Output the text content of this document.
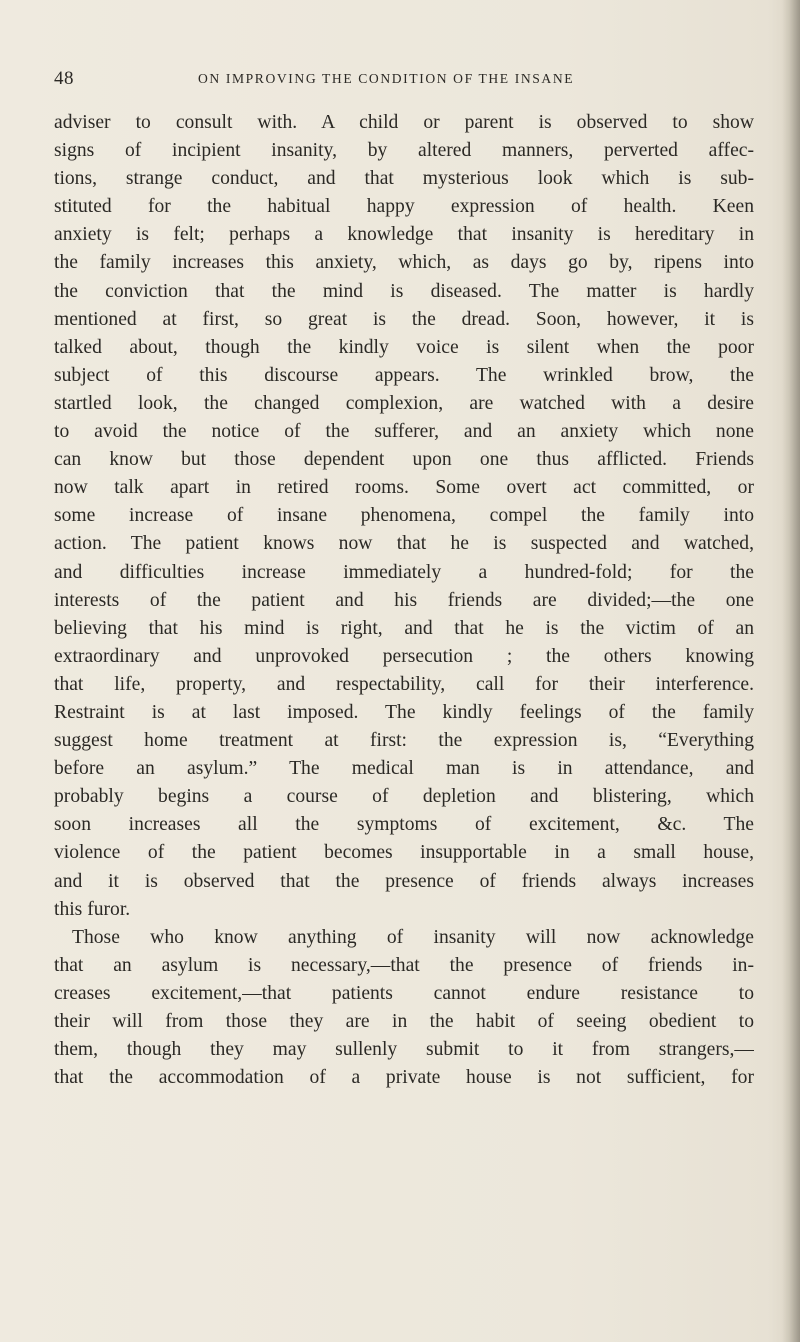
48	ON IMPROVING THE CONDITION OF THE INSANE
adviser to consult with. A child or parent is observed to show
signs of incipient insanity, by altered manners, perverted affec-
tions, strange conduct, and that mysterious look which is sub-
stituted for the habitual happy expression of health. Keen
anxiety is felt; perhaps a knowledge that insanity is hereditary in
the family increases this anxiety, which, as days go by, ripens into
the conviction that the mind is diseased. The matter is hardly
mentioned at first, so great is the dread. Soon, however, it is
talked about, though the kindly voice is silent when the poor
subject of this discourse appears. The wrinkled brow, the
startled look, the changed complexion, are watched with a desire
to avoid the notice of the sufferer, and an anxiety which none
can know but those dependent upon one thus afflicted. Friends
now talk apart in retired rooms. Some overt act committed, or
some increase of insane phenomena, compel the family into
action. The patient knows now that he is suspected and watched,
and difficulties increase immediately a hundred-fold; for the
interests of the patient and his friends are divided;—the one
believing that his mind is right, and that he is the victim of an
extraordinary and unprovoked persecution ; the others knowing
that life, property, and respectability, call for their interference.
Restraint is at last imposed. The kindly feelings of the family
suggest home treatment at first: the expression is, “Everything
before an asylum.” The medical man is in attendance, and
probably begins a course of depletion and blistering, which
soon increases all the symptoms of excitement, &c. The
violence of the patient becomes insupportable in a small house,
and it is observed that the presence of friends always increases
this furor.
Those who know anything of insanity will now acknowledge
that an asylum is necessary,—that the presence of friends in-
creases excitement,—that patients cannot endure resistance to
their will from those they are in the habit of seeing obedient to
them, though they may sullenly submit to it from strangers,—
that the accommodation of a private house is not sufficient, for
